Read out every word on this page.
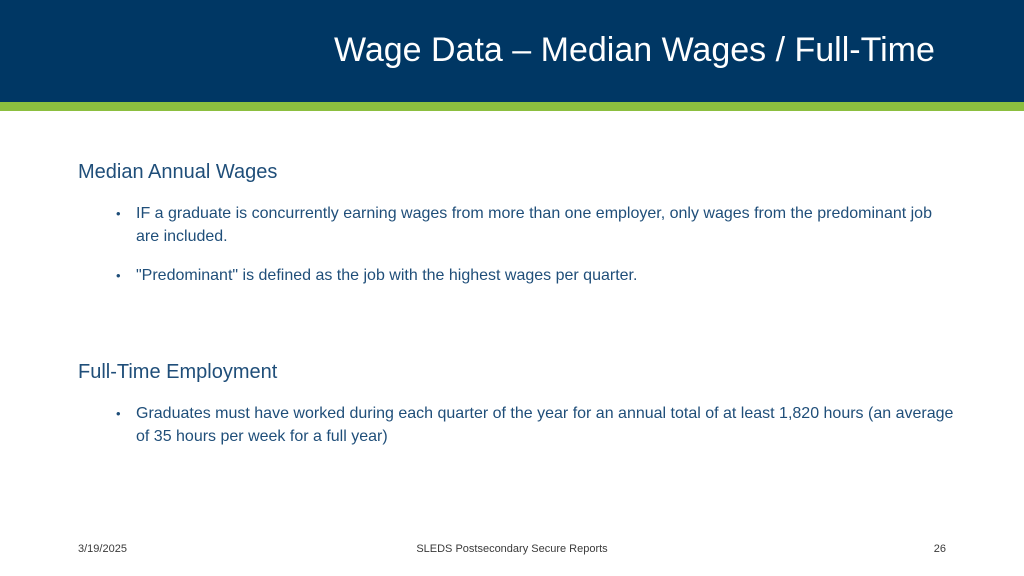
Wage Data – Median Wages / Full-Time
Median Annual Wages
• IF a graduate is concurrently earning wages from more than one employer, only wages from the predominant job are included.
• "Predominant" is defined as the job with the highest wages per quarter.
Full-Time Employment
• Graduates must have worked during each quarter of the year for an annual total of at least 1,820 hours (an average of 35 hours per week for a full year)
3/19/2025	SLEDS Postsecondary Secure Reports	26
